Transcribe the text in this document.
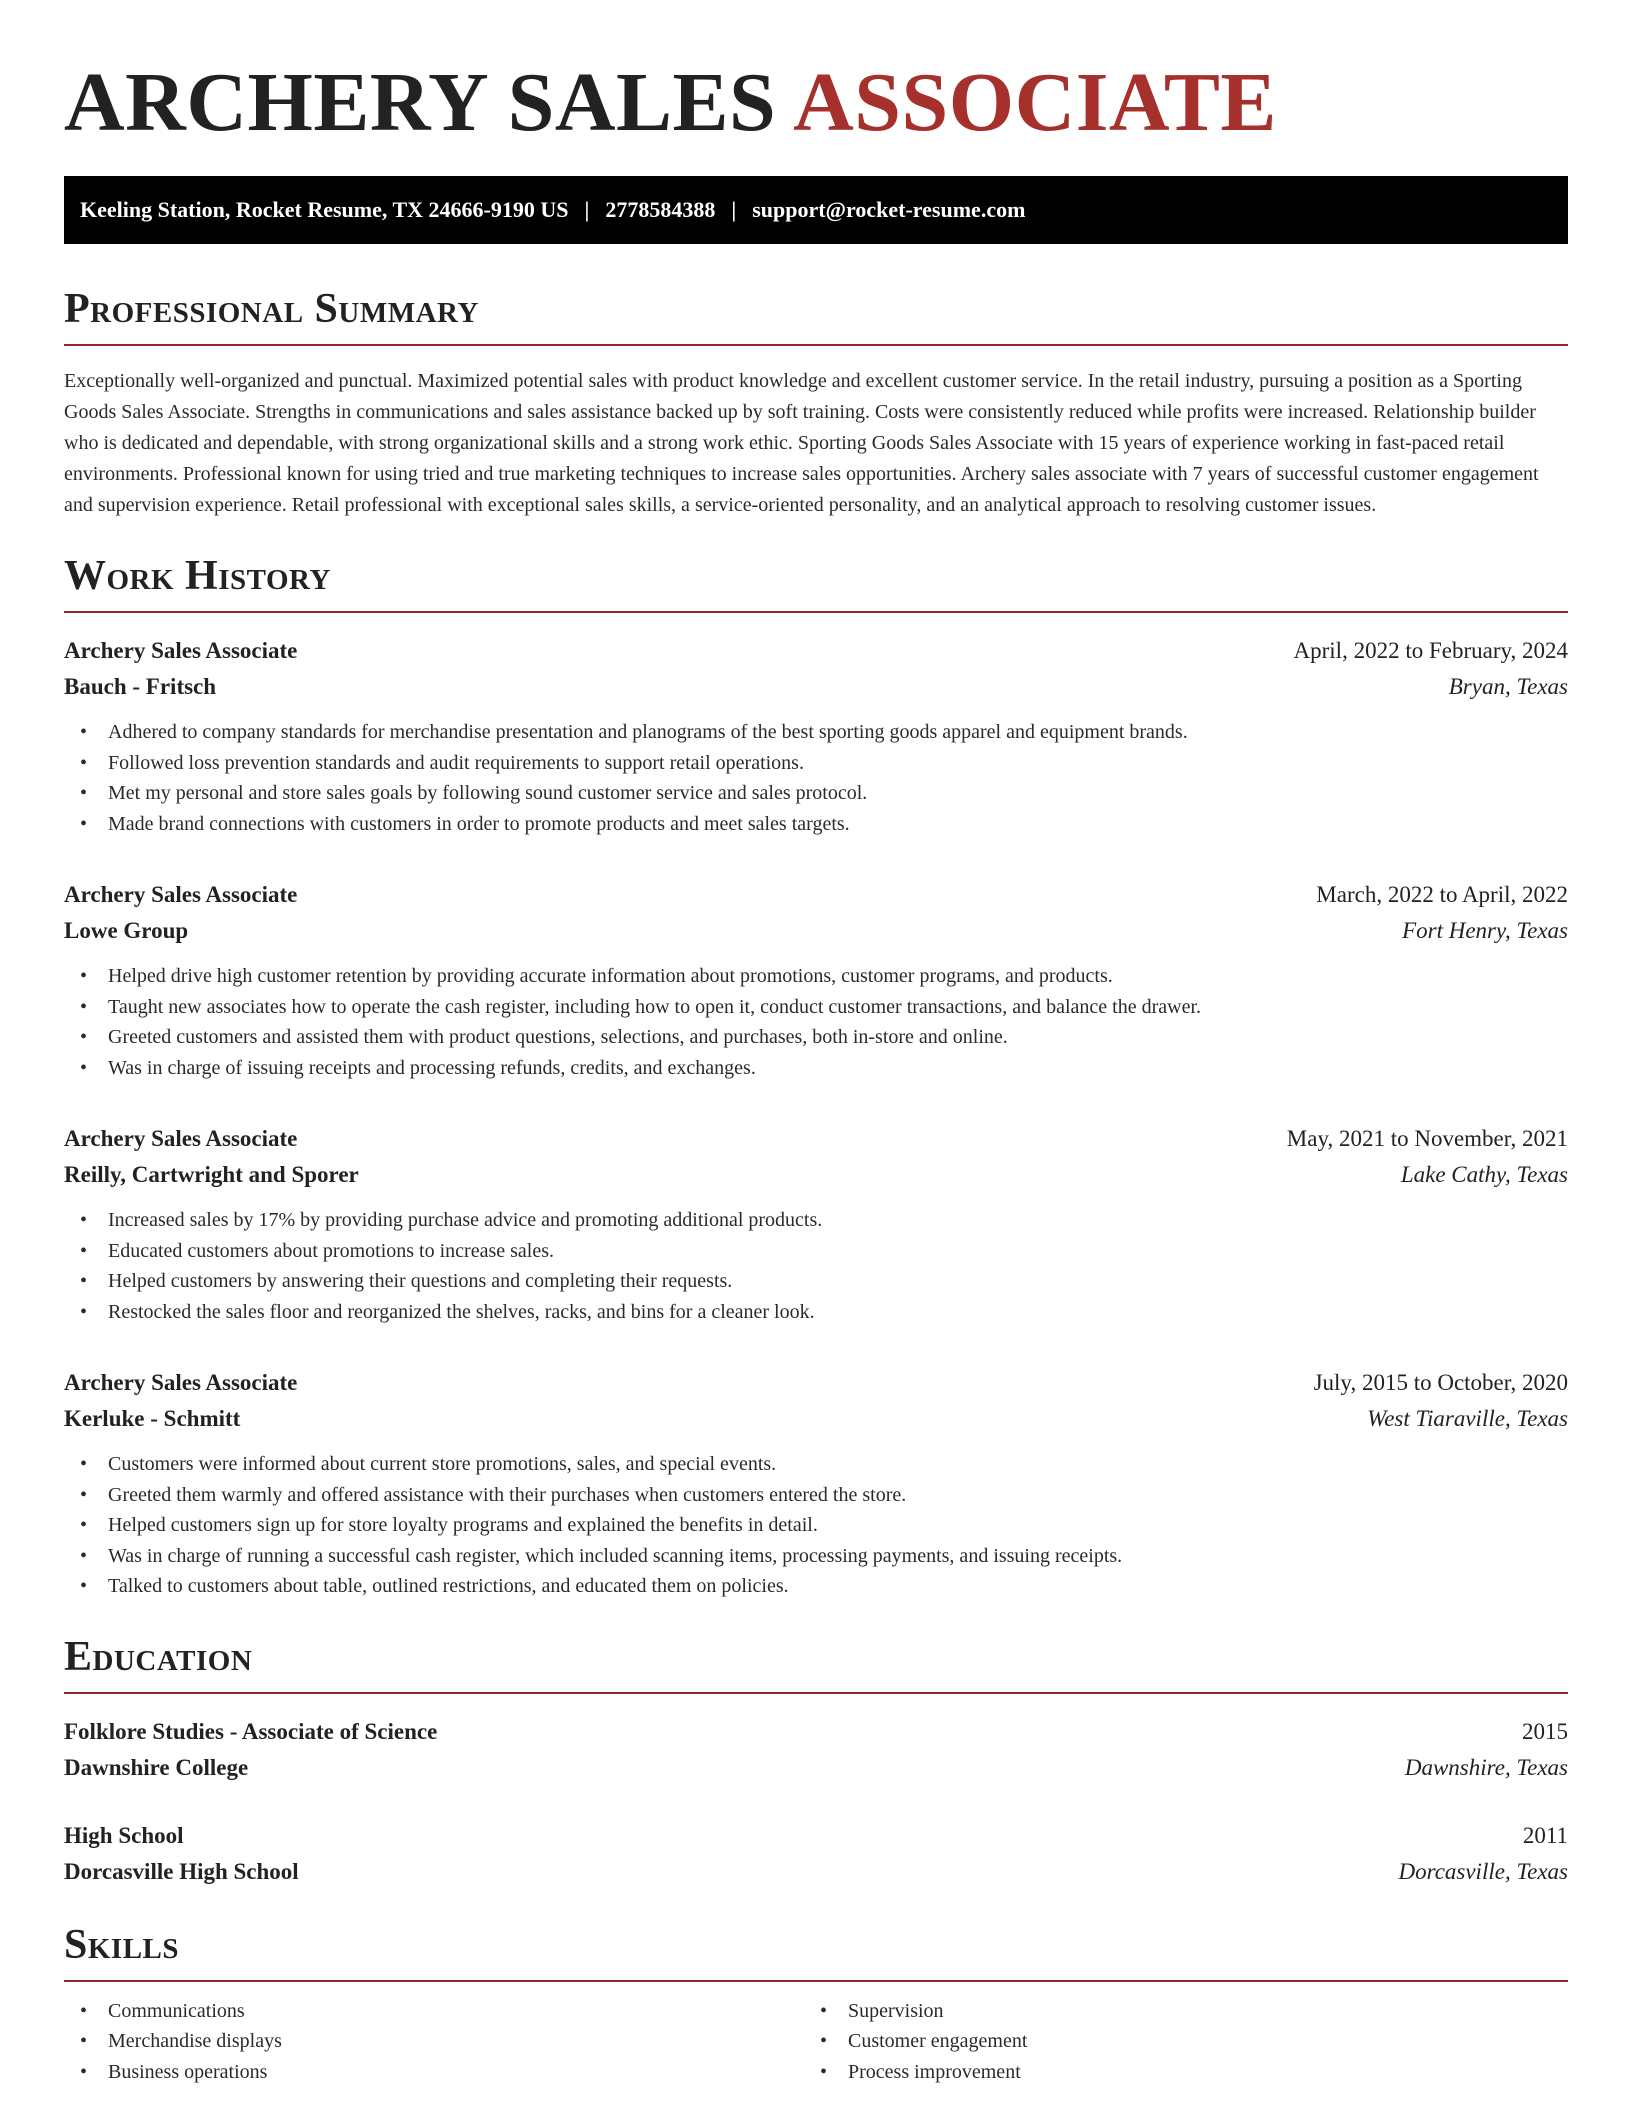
ARCHERY SALES ASSOCIATE
Keeling Station, Rocket Resume, TX 24666-9190 US | 2778584388 | support@rocket-resume.com
Professional Summary

Exceptionally well-organized and punctual. Maximized potential sales with product knowledge and excellent customer service. In the retail industry, pursuing a position as a Sporting Goods Sales Associate. Strengths in communications and sales assistance backed up by soft training. Costs were consistently reduced while profits were increased. Relationship builder who is dedicated and dependable, with strong organizational skills and a strong work ethic. Sporting Goods Sales Associate with 15 years of experience working in fast-paced retail environments. Professional known for using tried and true marketing techniques to increase sales opportunities. Archery sales associate with 7 years of successful customer engagement and supervision experience. Retail professional with exceptional sales skills, a service-oriented personality, and an analytical approach to resolving customer issues.

Work History
Archery Sales Associate	April, 2022 to February, 2024
Bauch - Fritsch	Bryan, Texas
• Adhered to company standards for merchandise presentation and planograms of the best sporting goods apparel and equipment brands.
• Followed loss prevention standards and audit requirements to support retail operations.
• Met my personal and store sales goals by following sound customer service and sales protocol.
• Made brand connections with customers in order to promote products and meet sales targets.
Archery Sales Associate	March, 2022 to April, 2022
Lowe Group	Fort Henry, Texas
• Helped drive high customer retention by providing accurate information about promotions, customer programs, and products.
• Taught new associates how to operate the cash register, including how to open it, conduct customer transactions, and balance the drawer.
• Greeted customers and assisted them with product questions, selections, and purchases, both in-store and online.
• Was in charge of issuing receipts and processing refunds, credits, and exchanges.
Archery Sales Associate	May, 2021 to November, 2021
Reilly, Cartwright and Sporer	Lake Cathy, Texas
• Increased sales by 17% by providing purchase advice and promoting additional products.
• Educated customers about promotions to increase sales.
• Helped customers by answering their questions and completing their requests.
• Restocked the sales floor and reorganized the shelves, racks, and bins for a cleaner look.
Archery Sales Associate	July, 2015 to October, 2020
Kerluke - Schmitt	West Tiaraville, Texas
• Customers were informed about current store promotions, sales, and special events.
• Greeted them warmly and offered assistance with their purchases when customers entered the store.
• Helped customers sign up for store loyalty programs and explained the benefits in detail.
• Was in charge of running a successful cash register, which included scanning items, processing payments, and issuing receipts.
• Talked to customers about table, outlined restrictions, and educated them on policies.
Education
Folklore Studies - Associate of Science	2015
Dawnshire College	Dawnshire, Texas
High School	2011
Dorcasville High School	Dorcasville, Texas
Skills
• Communications
• Merchandise displays
• Business operations
• Supervision
• Customer engagement
• Process improvement
